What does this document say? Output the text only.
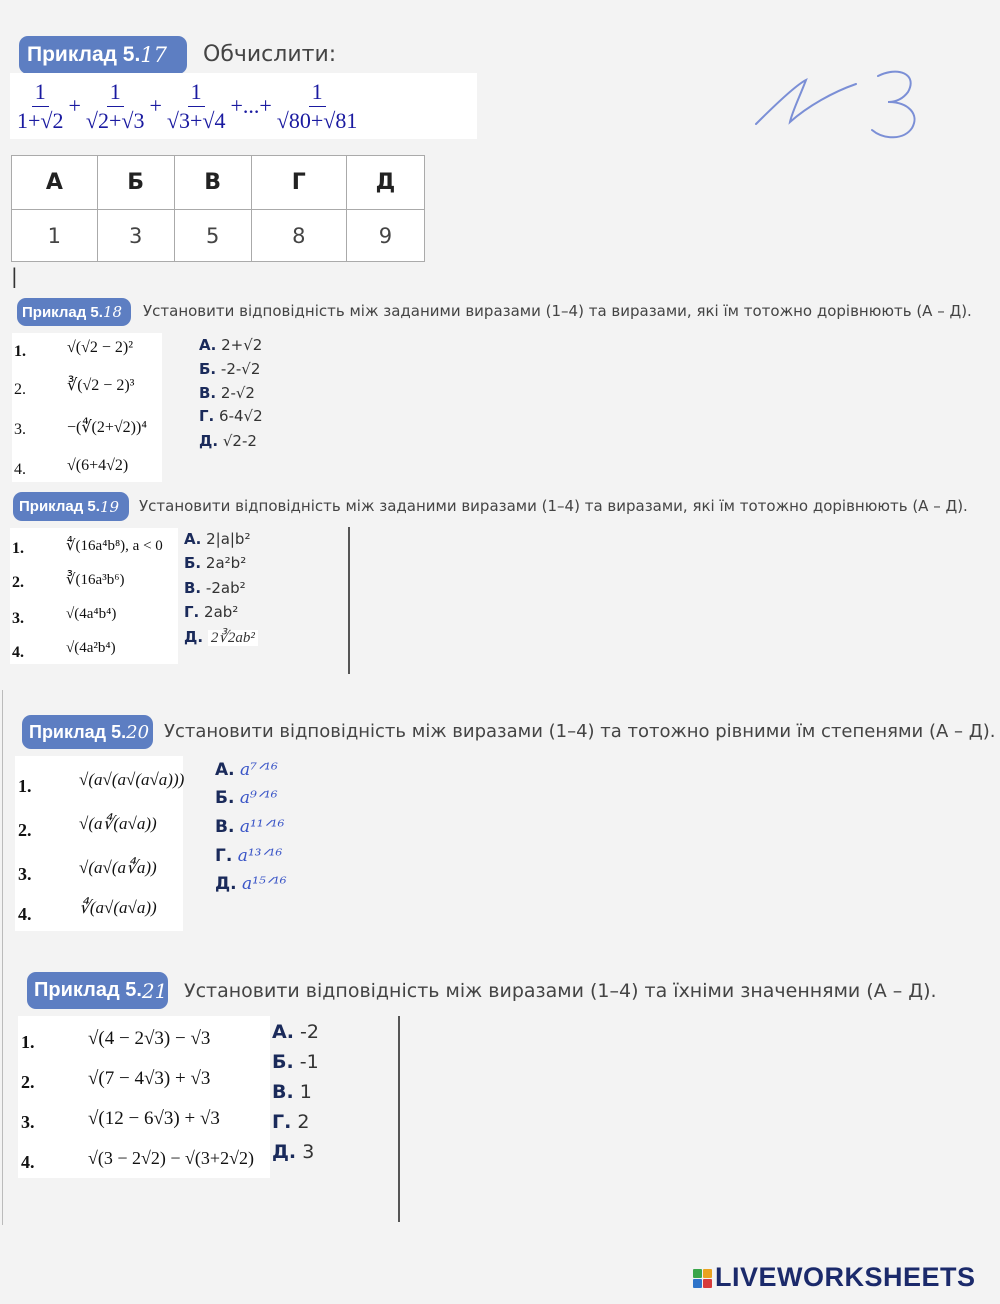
Приклад 5. 17 Обчислити:
$\frac{1}{1+√2} + \frac{1}{√2+√3} + \frac{1}{√3+√4}$ +...+ $\frac{1}{√80+√81}$
А	Б	В	Г	Д
1	3	5	8	9
|
Приклад 5. 18 Установити відповідність між заданими виразами (1–4) та виразами, які їм тотожно дорівнюють (А – Д).
1.	√(√2 − 2)²
2.	∛(√2 − 2)³
3.	−(∜(2+√2))⁴
4.	√(6+4√2)
А. 2+√2
Б. -2-√2
В. 2-√2
Г. 6-4√2
Д. √2-2
Приклад 5. 19 Установити відповідність між заданими виразами (1–4) та виразами, які їм тотожно дорівнюють (А – Д).
1.	∜(16a⁴b⁸), a < 0
2.	∛(16a³b⁶)
3.	√(4a⁴b⁴)
4.	√(4a²b⁴)
А. 2|a|b²
Б. 2a²b²
В. -2ab²
Г. 2ab²
Д. 2∛2ab²
Приклад 5. 20 Установити відповідність між виразами (1–4) та тотожно рівними їм степенями (А – Д).
1.	√(a√(a√(a√a)))
2.	√(a∜(a√a))
3.	√(a√(a∜a))
4.	∜(a√(a√a))
А. a⁷ᐟ¹⁶
Б. a⁹ᐟ¹⁶
В. a¹¹ᐟ¹⁶
Г. a¹³ᐟ¹⁶
Д. a¹⁵ᐟ¹⁶
Приклад 5. 21 Установити відповідність між виразами (1–4) та їхніми значеннями (А – Д).
1.	√(4 − 2√3) − √3
2.	√(7 − 4√3) + √3
3.	√(12 − 6√3) + √3
4.	√(3 − 2√2) − √(3+2√2)
А. -2
Б. -1
В. 1
Г. 2
Д. 3
LIVEWORKSHEETS
